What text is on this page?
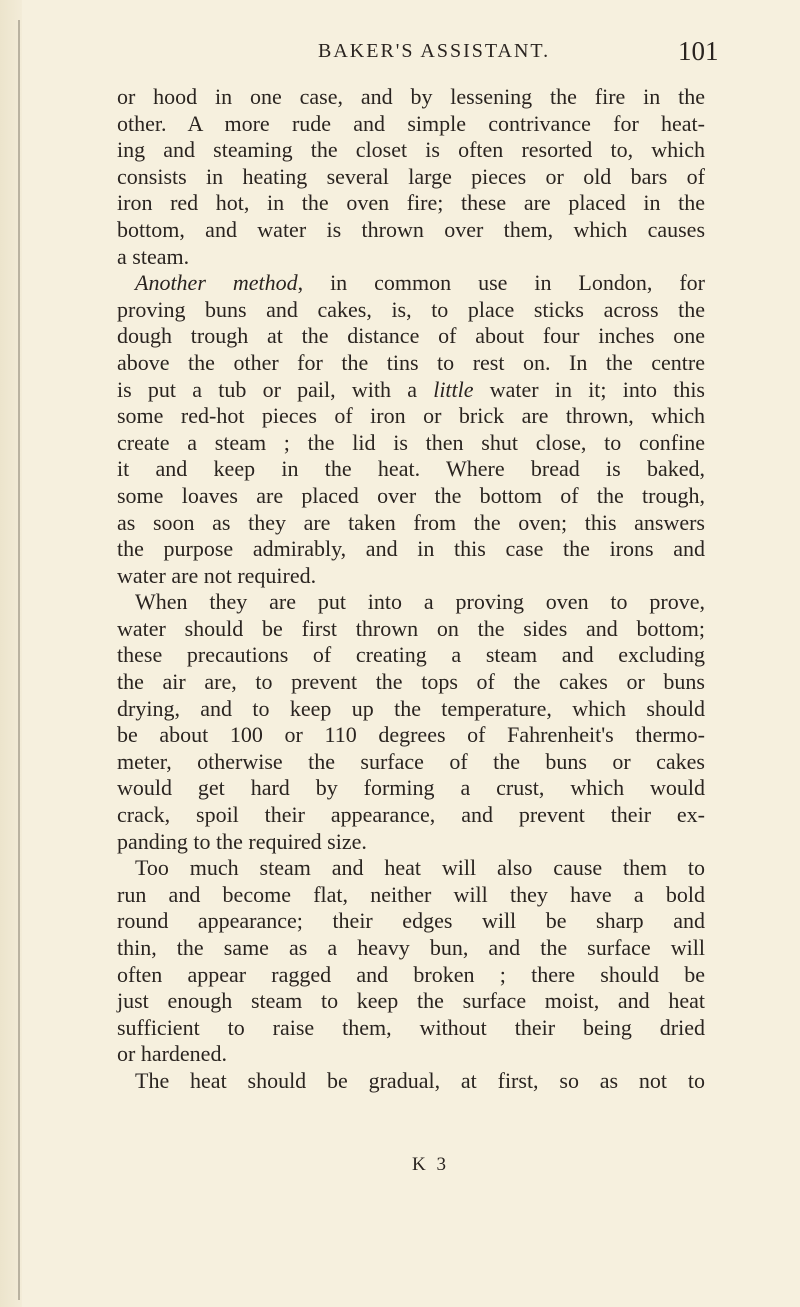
BAKER'S ASSISTANT.	101
or hood in one case, and by lessening the fire in the
other. A more rude and simple contrivance for heat-
ing and steaming the closet is often resorted to, which
consists in heating several large pieces or old bars of
iron red hot, in the oven fire; these are placed in the
bottom, and water is thrown over them, which causes
a steam.
Another method, in common use in London, for
proving buns and cakes, is, to place sticks across the
dough trough at the distance of about four inches one
above the other for the tins to rest on. In the centre
is put a tub or pail, with a little water in it; into this
some red-hot pieces of iron or brick are thrown, which
create a steam ; the lid is then shut close, to confine
it and keep in the heat. Where bread is baked,
some loaves are placed over the bottom of the trough,
as soon as they are taken from the oven; this answers
the purpose admirably, and in this case the irons and
water are not required.
When they are put into a proving oven to prove,
water should be first thrown on the sides and bottom;
these precautions of creating a steam and excluding
the air are, to prevent the tops of the cakes or buns
drying, and to keep up the temperature, which should
be about 100 or 110 degrees of Fahrenheit's thermo-
meter, otherwise the surface of the buns or cakes
would get hard by forming a crust, which would
crack, spoil their appearance, and prevent their ex-
panding to the required size.
Too much steam and heat will also cause them to
run and become flat, neither will they have a bold
round appearance; their edges will be sharp and
thin, the same as a heavy bun, and the surface will
often appear ragged and broken ; there should be
just enough steam to keep the surface moist, and heat
sufficient to raise them, without their being dried
or hardened.
The heat should be gradual, at first, so as not to
K 3
